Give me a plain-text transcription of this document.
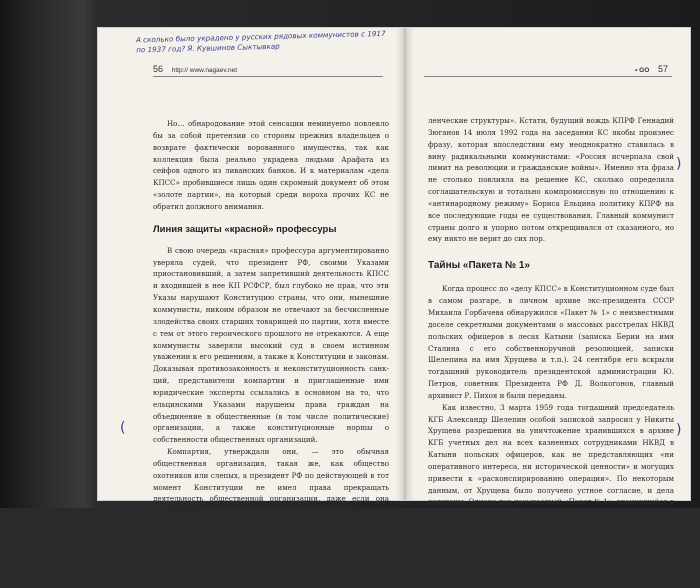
А сколько было украдено у русских рядовых коммунистов с 1917 по 1937 год? Я. Кувшинов Сыктывкар
56 http:// www.nagaev.net

Но… обнародование этой сенсации неминуemo повлекло бы за собой претензии со стороны прежних владельцев о возврате фактически ворованного имущества, так как коллекция была реально украдена людьми Арафата из сейфов одного из ливанских банков. И к материалам «дела КПСС» пробившиеся лишь один скромный документ об этом «золоте партии», на который среди вороха прочих КС не обратил должного внимания.

Линия защиты «красной» профессуры

В свою очередь «красная» профессура аргументированно уверяла судей, что президент РФ, своими Указами приостановивший, а затем запретивший деятельность КПСС и входившей в нее КП РСФСР, был глубоко не прав, что эти Указы нарушают Конституцию страны, что они, нынешние коммунисты, никоим образом не отвечают за бесчисленные злодейства своих старших товарищей по партии, хотя вместе с тем от этого героического прошлого не отрекаются. А еще коммунисты заверяли высокий суд в своем истинном уважении к его решениям, а также к Конституции и законам. Доказывая противозаконность и неконституционность санкций, представители компартии и приглашенные ими юридические эксперты ссылались в основном на то, что ельцинскими Указами нарушены права граждан на объединение в общественные (в том числе политические) организации, а также конституционные норmы о собственности общественных организаций.

Компартия, утверждали они, — это обычная общественная организация, такая же, как общество охотников или слепых, а президент РФ по действующей в тот момент Конституции не имел права прекращать деятельность общественной организации, даже если она нарушает закон. Сделать это может только суд.

Один из представителей компартии, бывший народный депутат России Зоркальцев, договорился даже до того, что КП РСФСР задолго до издания президентских Указов была оппозиционной партией и никакого влияния на органы государственной власти оказывать не могла, так как «не входила ни в какие управ-

(
• GO 57

ленческие структуры». Кстати, будущий вождь КПРФ Геннадий Зюганов 14 июля 1992 года на заседании КС якобы произнес фразу, которая впоследствии ему неоднократно ставилась в вину радикальными коммунистами: «Россия исчерпала свой лимит на революции и гражданские войны». Именно эта фраза не столько повлияла на решение КС, сколько определила соглашательскую и тотально компромиссную по отношению к «антинародному режиму» Бориса Ельцина политику КПРФ на все последующие годы ее существования. Главный коммунист страны долго и упорно потом открещивался от сказанного, но ему никто не верит до сих пор.

Тайны «Пакета № 1»

Когда процесс по «делу КПСС» в Конституционном суде был в самом разгаре, в личном архиве экс-президента СССР Михаила Горбачева обнаружился «Пакет № 1» с неизвестными доселе секретными документами о массовых расстрелах НКВД польских офицеров в лесах Катыни (записка Берии на имя Сталина с его собственноручной резолюцией, записки Шелепина на имя Хрущева и т.п.). 24 сентября его вскрыли тогдашний руководитель президентской администрации Ю. Петров, советник Президента РФ Д. Волкогонов, главный архивист Р. Пихоя и были переданы.

Как известно, 3 марта 1959 года тогдашний председатель КГБ Александр Шелепин особой запиской запросил у Никиты Хрущева разрешения на уничтожение хранившихся в архиве КГБ учетных дел на всех казненных сотрудниками НКВД в Катыни польских офицеров, как не представляющих «ни оперативного интереса, ни исторической ценности» и могущих привести к «расконспирированию операции». По некоторым данным, от Хрущева было получено устное согласие, и дела сожжены. Однако так называеmый «Пакет № 1», хранившийся в архиве ЦК КПСС, остался.

Позже сохранить его содержимое Михаилу Горбачеву посоветовал заведующий международным отделом ЦК КПСС Валентин Фалин. По его мнению, это могло помочь свалить всю вину

)
)
